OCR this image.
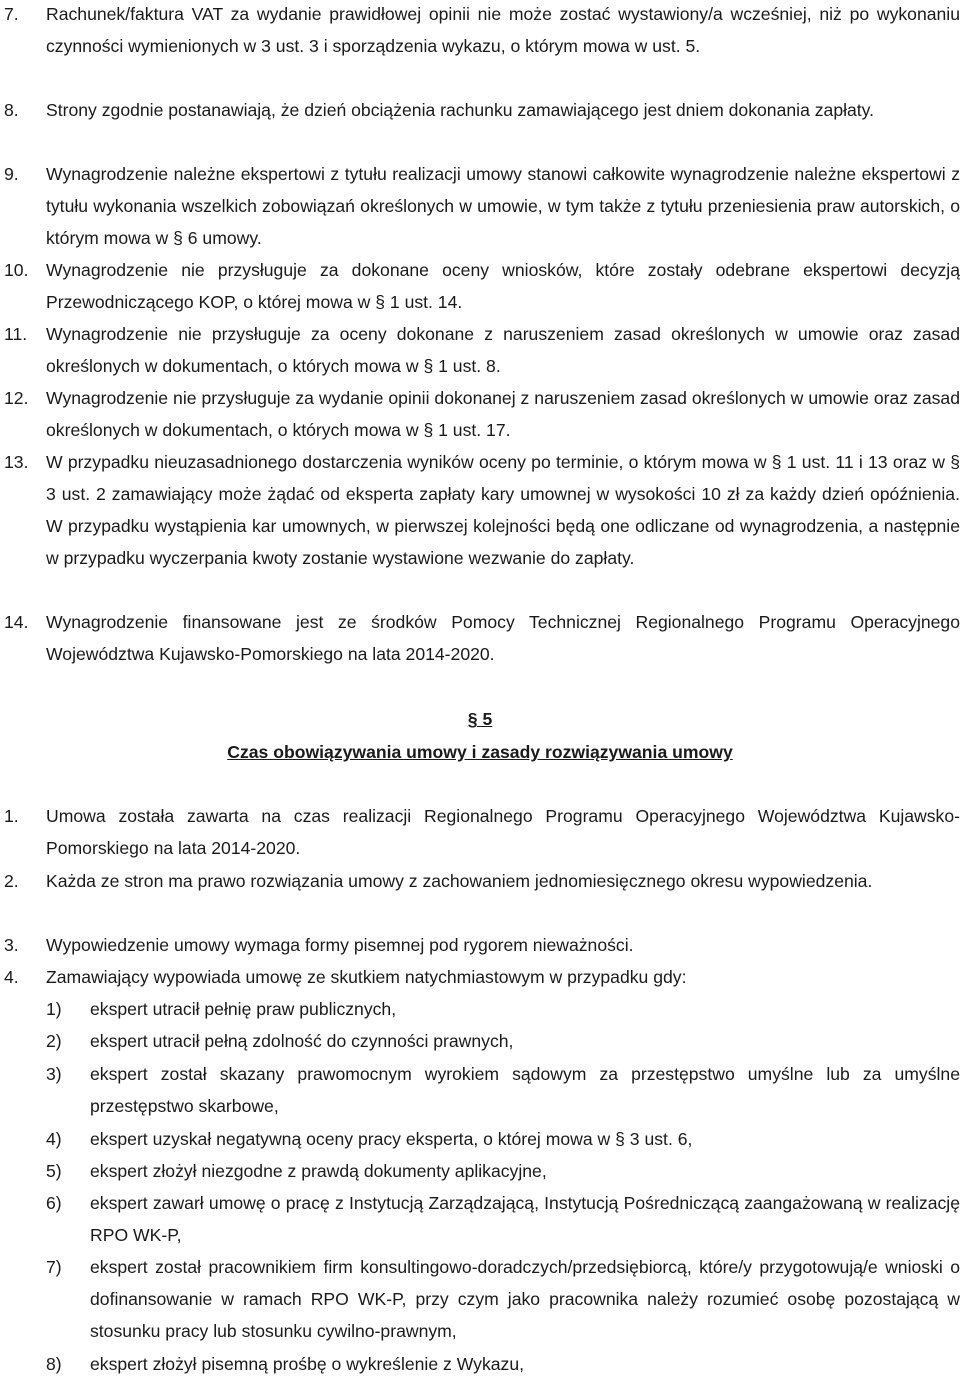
7. Rachunek/faktura VAT za wydanie prawidłowej opinii nie może zostać wystawiony/a wcześniej, niż po wykonaniu czynności wymienionych w 3 ust. 3 i sporządzenia wykazu, o którym mowa w ust. 5.
8. Strony zgodnie postanawiają, że dzień obciążenia rachunku zamawiającego jest dniem dokonania zapłaty.
9. Wynagrodzenie należne ekspertowi z tytułu realizacji umowy stanowi całkowite wynagrodzenie należne ekspertowi z tytułu wykonania wszelkich zobowiązań określonych w umowie, w tym także z tytułu przeniesienia praw autorskich, o którym mowa w § 6 umowy.
10. Wynagrodzenie nie przysługuje za dokonane oceny wniosków, które zostały odebrane ekspertowi decyzją Przewodniczącego KOP, o której mowa w § 1 ust. 14.
11. Wynagrodzenie nie przysługuje za oceny dokonane z naruszeniem zasad określonych w umowie oraz zasad określonych w dokumentach, o których mowa w § 1 ust. 8.
12. Wynagrodzenie nie przysługuje za wydanie opinii dokonanej z naruszeniem zasad określonych w umowie oraz zasad określonych w dokumentach, o których mowa w § 1 ust. 17.
13. W przypadku nieuzasadnionego dostarczenia wyników oceny po terminie, o którym mowa w § 1 ust. 11 i 13 oraz w § 3 ust. 2 zamawiający może żądać od eksperta zapłaty kary umownej w wysokości 10 zł za każdy dzień opóźnienia. W przypadku wystąpienia kar umownych, w pierwszej kolejności będą one odliczane od wynagrodzenia, a następnie w przypadku wyczerpania kwoty zostanie wystawione wezwanie do zapłaty.
14. Wynagrodzenie finansowane jest ze środków Pomocy Technicznej Regionalnego Programu Operacyjnego Województwa Kujawsko-Pomorskiego na lata 2014-2020.
§ 5
Czas obowiązywania umowy i zasady rozwiązywania umowy
1. Umowa została zawarta na czas realizacji Regionalnego Programu Operacyjnego Województwa Kujawsko-Pomorskiego na lata 2014-2020.
2. Każda ze stron ma prawo rozwiązania umowy z zachowaniem jednomiesięcznego okresu wypowiedzenia.
3. Wypowiedzenie umowy wymaga formy pisemnej pod rygorem nieważności.
4. Zamawiający wypowiada umowę ze skutkiem natychmiastowym w przypadku gdy:
1) ekspert utracił pełnię praw publicznych,
2) ekspert utracił pełną zdolność do czynności prawnych,
3) ekspert został skazany prawomocnym wyrokiem sądowym za przestępstwo umyślne lub za umyślne przestępstwo skarbowe,
4) ekspert uzyskał negatywną oceny pracy eksperta, o której mowa w § 3 ust. 6,
5) ekspert złożył niezgodne z prawdą dokumenty aplikacyjne,
6) ekspert zawarł umowę o pracę z Instytucją Zarządzającą, Instytucją Pośredniczącą zaangażowaną w realizację RPO WK-P,
7) ekspert został pracownikiem firm konsultingowo-doradczych/przedsiębiorcą, które/y przygotowują/e wnioski o dofinansowanie w ramach RPO WK-P, przy czym jako pracownika należy rozumieć osobę pozostającą w stosunku pracy lub stosunku cywilno-prawnym,
8) ekspert złożył pisemną prośbę o wykreślenie z Wykazu,
